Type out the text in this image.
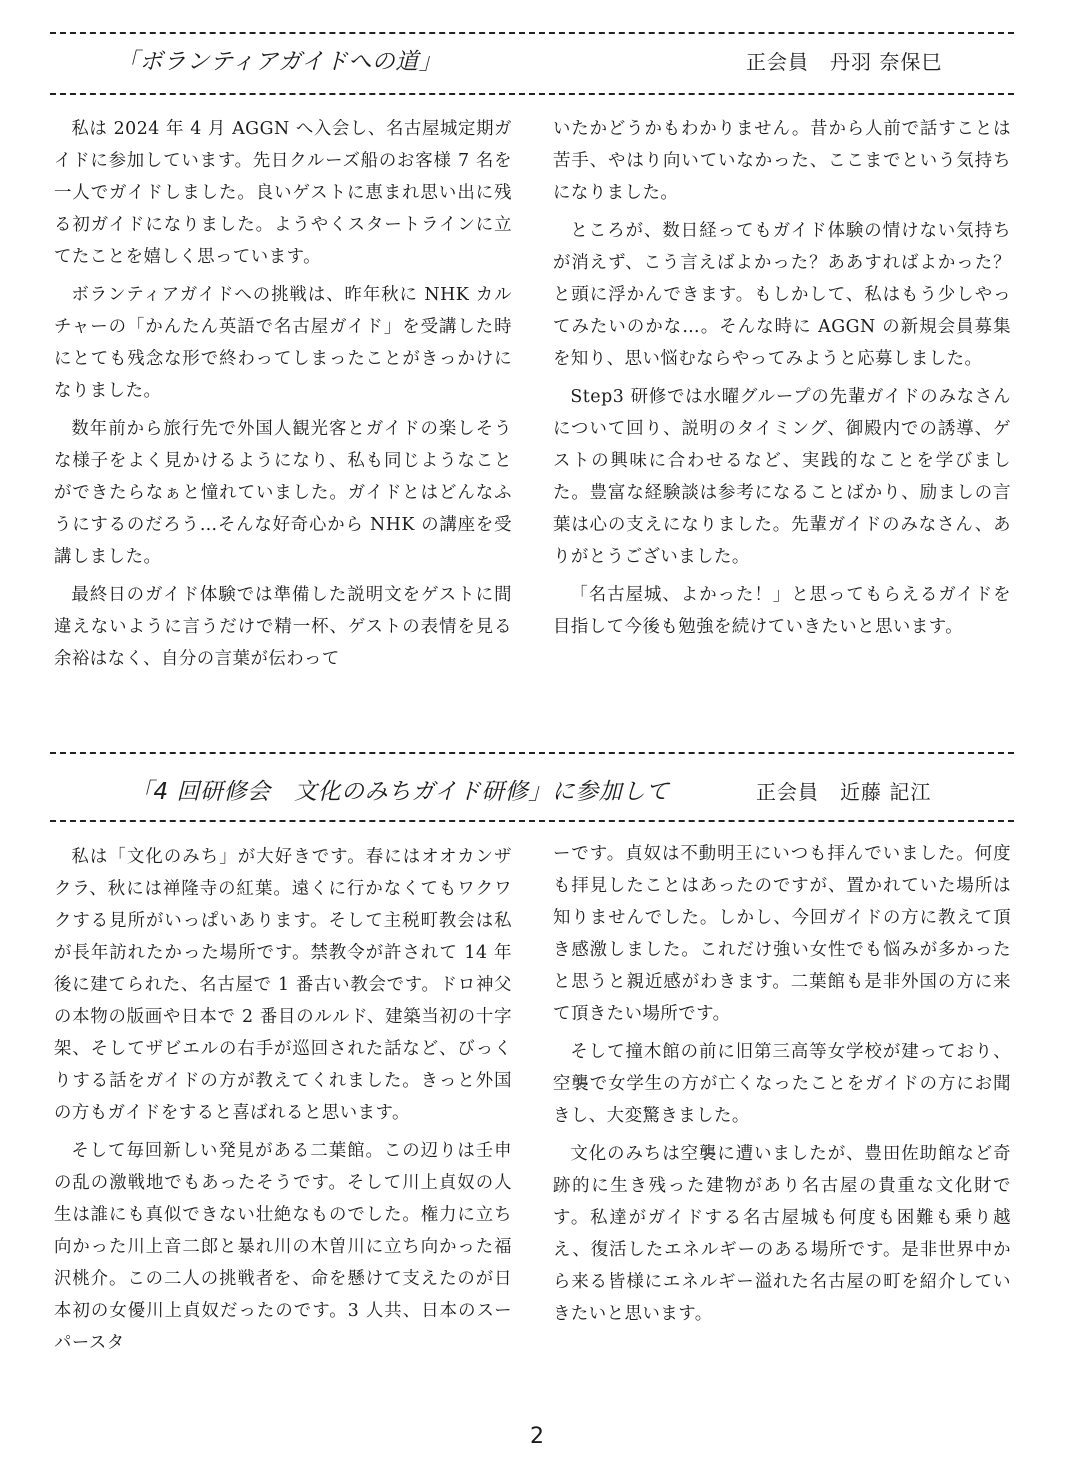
「ボランティアガイドへの道」	正会員　丹羽 奈保巳

私は 2024 年 4 月 AGGN へ入会し、名古屋城定期ガイドに参加しています。先日クルーズ船のお客様 7 名を一人でガイドしました。良いゲストに恵まれ思い出に残る初ガイドになりました。ようやくスタートラインに立てたことを嬉しく思っています。

ボランティアガイドへの挑戦は、昨年秋に NHK カルチャーの「かんたん英語で名古屋ガイド」を受講した時にとても残念な形で終わってしまったことがきっかけになりました。

数年前から旅行先で外国人観光客とガイドの楽しそうな様子をよく見かけるようになり、私も同じようなことができたらなぁと憧れていました。ガイドとはどんなふうにするのだろう…そんな好奇心から NHK の講座を受講しました。

最終日のガイド体験では準備した説明文をゲストに間違えないように言うだけで精一杯、ゲストの表情を見る余裕はなく、自分の言葉が伝わって

いたかどうかもわかりません。昔から人前で話すことは苦手、やはり向いていなかった、ここまでという気持ちになりました。

ところが、数日経ってもガイド体験の情けない気持ちが消えず、こう言えばよかった？ああすればよかった？と頭に浮かんできます。もしかして、私はもう少しやってみたいのかな…。そんな時に AGGN の新規会員募集を知り、思い悩むならやってみようと応募しました。

Step3 研修では水曜グループの先輩ガイドのみなさんについて回り、説明のタイミング、御殿内での誘導、ゲストの興味に合わせるなど、実践的なことを学びました。豊富な経験談は参考になることばかり、励ましの言葉は心の支えになりました。先輩ガイドのみなさん、ありがとうございました。

「名古屋城、よかった！」と思ってもらえるガイドを目指して今後も勉強を続けていきたいと思います。

「4 回研修会　文化のみちガイド研修」に参加して	正会員　近藤 記江

私は「文化のみち」が大好きです。春にはオオカンザクラ、秋には禅隆寺の紅葉。遠くに行かなくてもワクワクする見所がいっぱいあります。そして主税町教会は私が長年訪れたかった場所です。禁教令が許されて 14 年後に建てられた、名古屋で 1 番古い教会です。ドロ神父の本物の版画や日本で 2 番目のルルド、建築当初の十字架、そしてザビエルの右手が巡回された話など、びっくりする話をガイドの方が教えてくれました。きっと外国の方もガイドをすると喜ばれると思います。

そして毎回新しい発見がある二葉館。この辺りは壬申の乱の激戦地でもあったそうです。そして川上貞奴の人生は誰にも真似できない壮絶なものでした。権力に立ち向かった川上音二郎と暴れ川の木曽川に立ち向かった福沢桃介。この二人の挑戦者を、命を懸けて支えたのが日本初の女優川上貞奴だったのです。3 人共、日本のスーパースタ

ーです。貞奴は不動明王にいつも拝んでいました。何度も拝見したことはあったのですが、置かれていた場所は知りませんでした。しかし、今回ガイドの方に教えて頂き感激しました。これだけ強い女性でも悩みが多かったと思うと親近感がわきます。二葉館も是非外国の方に来て頂きたい場所です。

そして撞木館の前に旧第三高等女学校が建っており、空襲で女学生の方が亡くなったことをガイドの方にお聞きし、大変驚きました。

文化のみちは空襲に遭いましたが、豊田佐助館など奇跡的に生き残った建物があり名古屋の貴重な文化財です。私達がガイドする名古屋城も何度も困難も乗り越え、復活したエネルギーのある場所です。是非世界中から来る皆様にエネルギー溢れた名古屋の町を紹介していきたいと思います。

2
